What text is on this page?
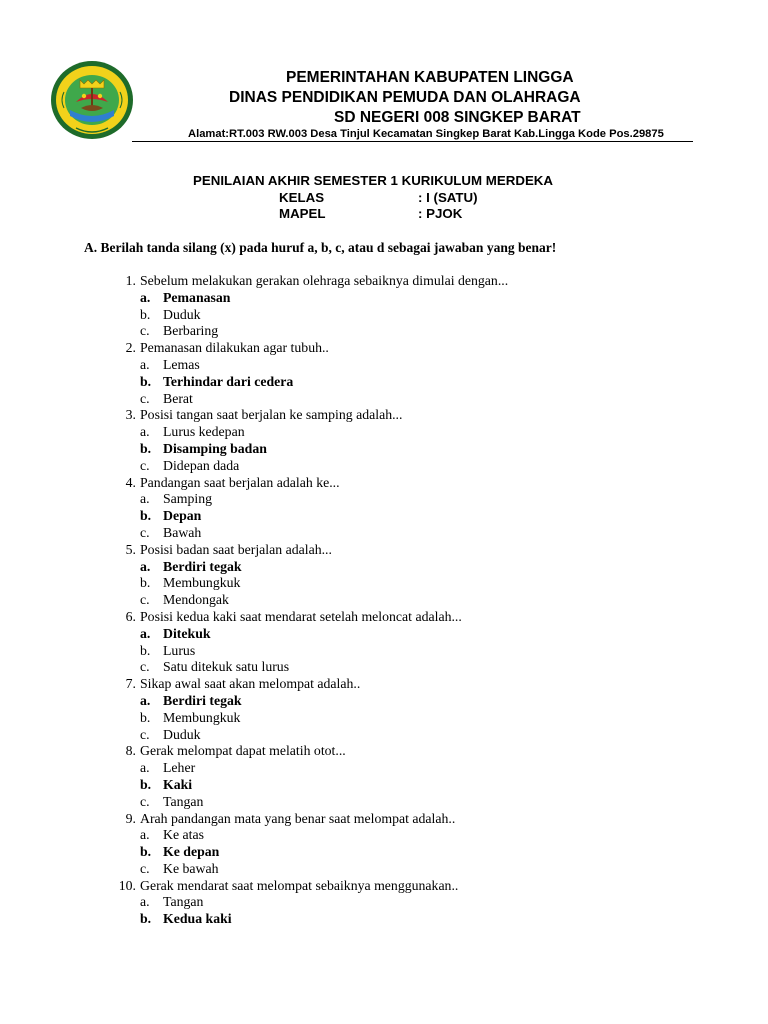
PEMERINTAHAN KABUPATEN LINGGA
DINAS PENDIDIKAN PEMUDA DAN OLAHRAGA
SD NEGERI 008 SINGKEP BARAT
Alamat:RT.003 RW.003 Desa Tinjul Kecamatan Singkep Barat Kab.Lingga Kode Pos.29875
PENILAIAN AKHIR SEMESTER 1 KURIKULUM MERDEKA
KELAS	: I (SATU)
MAPEL	: PJOK
A. Berilah tanda silang (x) pada huruf a, b, c, atau d sebagai jawaban yang benar!
1. Sebelum melakukan gerakan olehraga sebaiknya dimulai dengan...
a. Pemanasan
b. Duduk
c. Berbaring
2. Pemanasan dilakukan agar tubuh..
a. Lemas
b. Terhindar dari cedera
c. Berat
3. Posisi tangan saat berjalan ke samping adalah...
a. Lurus kedepan
b. Disamping badan
c. Didepan dada
4. Pandangan saat berjalan adalah ke...
a. Samping
b. Depan
c. Bawah
5. Posisi badan saat berjalan adalah...
a. Berdiri tegak
b. Membungkuk
c. Mendongak
6. Posisi kedua kaki saat mendarat setelah meloncat adalah...
a. Ditekuk
b. Lurus
c. Satu ditekuk satu lurus
7. Sikap awal saat akan melompat adalah..
a. Berdiri tegak
b. Membungkuk
c. Duduk
8. Gerak melompat dapat melatih otot...
a. Leher
b. Kaki
c. Tangan
9. Arah pandangan mata yang benar saat melompat adalah..
a. Ke atas
b. Ke depan
c. Ke bawah
10. Gerak mendarat saat melompat sebaiknya menggunakan..
a. Tangan
b. Kedua kaki
